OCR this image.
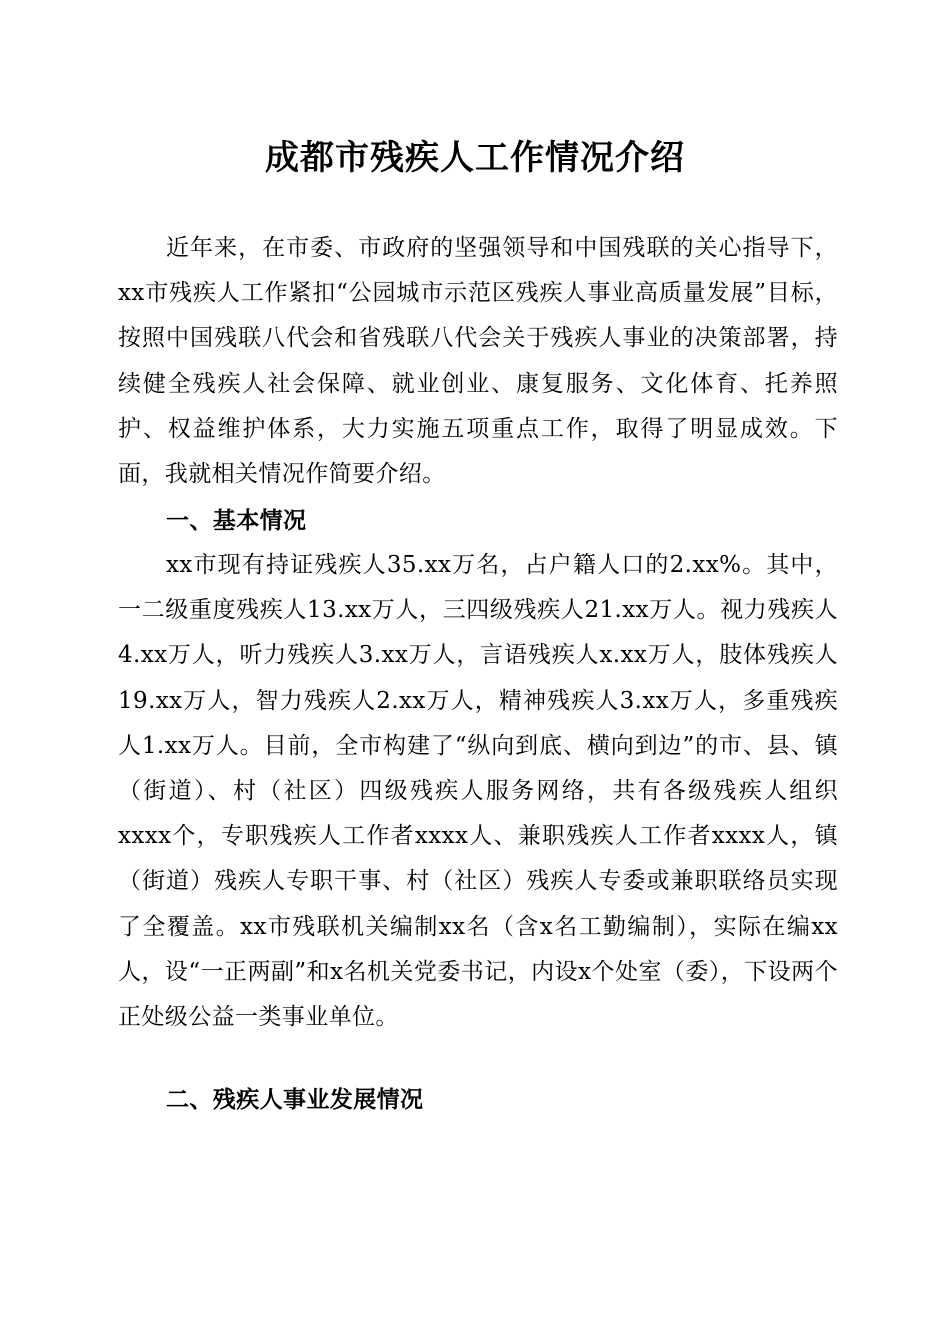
成都市残疾人工作情况介绍

近年来，在市委、市政府的坚强领导和中国残联的关心指导下，xx市残疾人工作紧扣“公园城市示范区残疾人事业高质量发展”目标，按照中国残联八代会和省残联八代会关于残疾人事业的决策部署，持续健全残疾人社会保障、就业创业、康复服务、文化体育、托养照护、权益维护体系，大力实施五项重点工作，取得了明显成效。下面，我就相关情况作简要介绍。

一、基本情况

xx市现有持证残疾人35.xx万名，占户籍人口的2.xx%。其中，一二级重度残疾人13.xx万人，三四级残疾人21.xx万人。视力残疾人4.xx万人，听力残疾人3.xx万人，言语残疾人x.xx万人，肢体残疾人19.xx万人，智力残疾人2.xx万人，精神残疾人3.xx万人，多重残疾人1.xx万人。目前，全市构建了“纵向到底、横向到边”的市、县、镇（街道）、村（社区）四级残疾人服务网络，共有各级残疾人组织xxxx个，专职残疾人工作者xxxx人、兼职残疾人工作者xxxx人，镇（街道）残疾人专职干事、村（社区）残疾人专委或兼职联络员实现了全覆盖。xx市残联机关编制xx名（含x名工勤编制），实际在编xx人，设“一正两副”和x名机关党委书记，内设x个处室（委），下设两个正处级公益一类事业单位。

二、残疾人事业发展情况
